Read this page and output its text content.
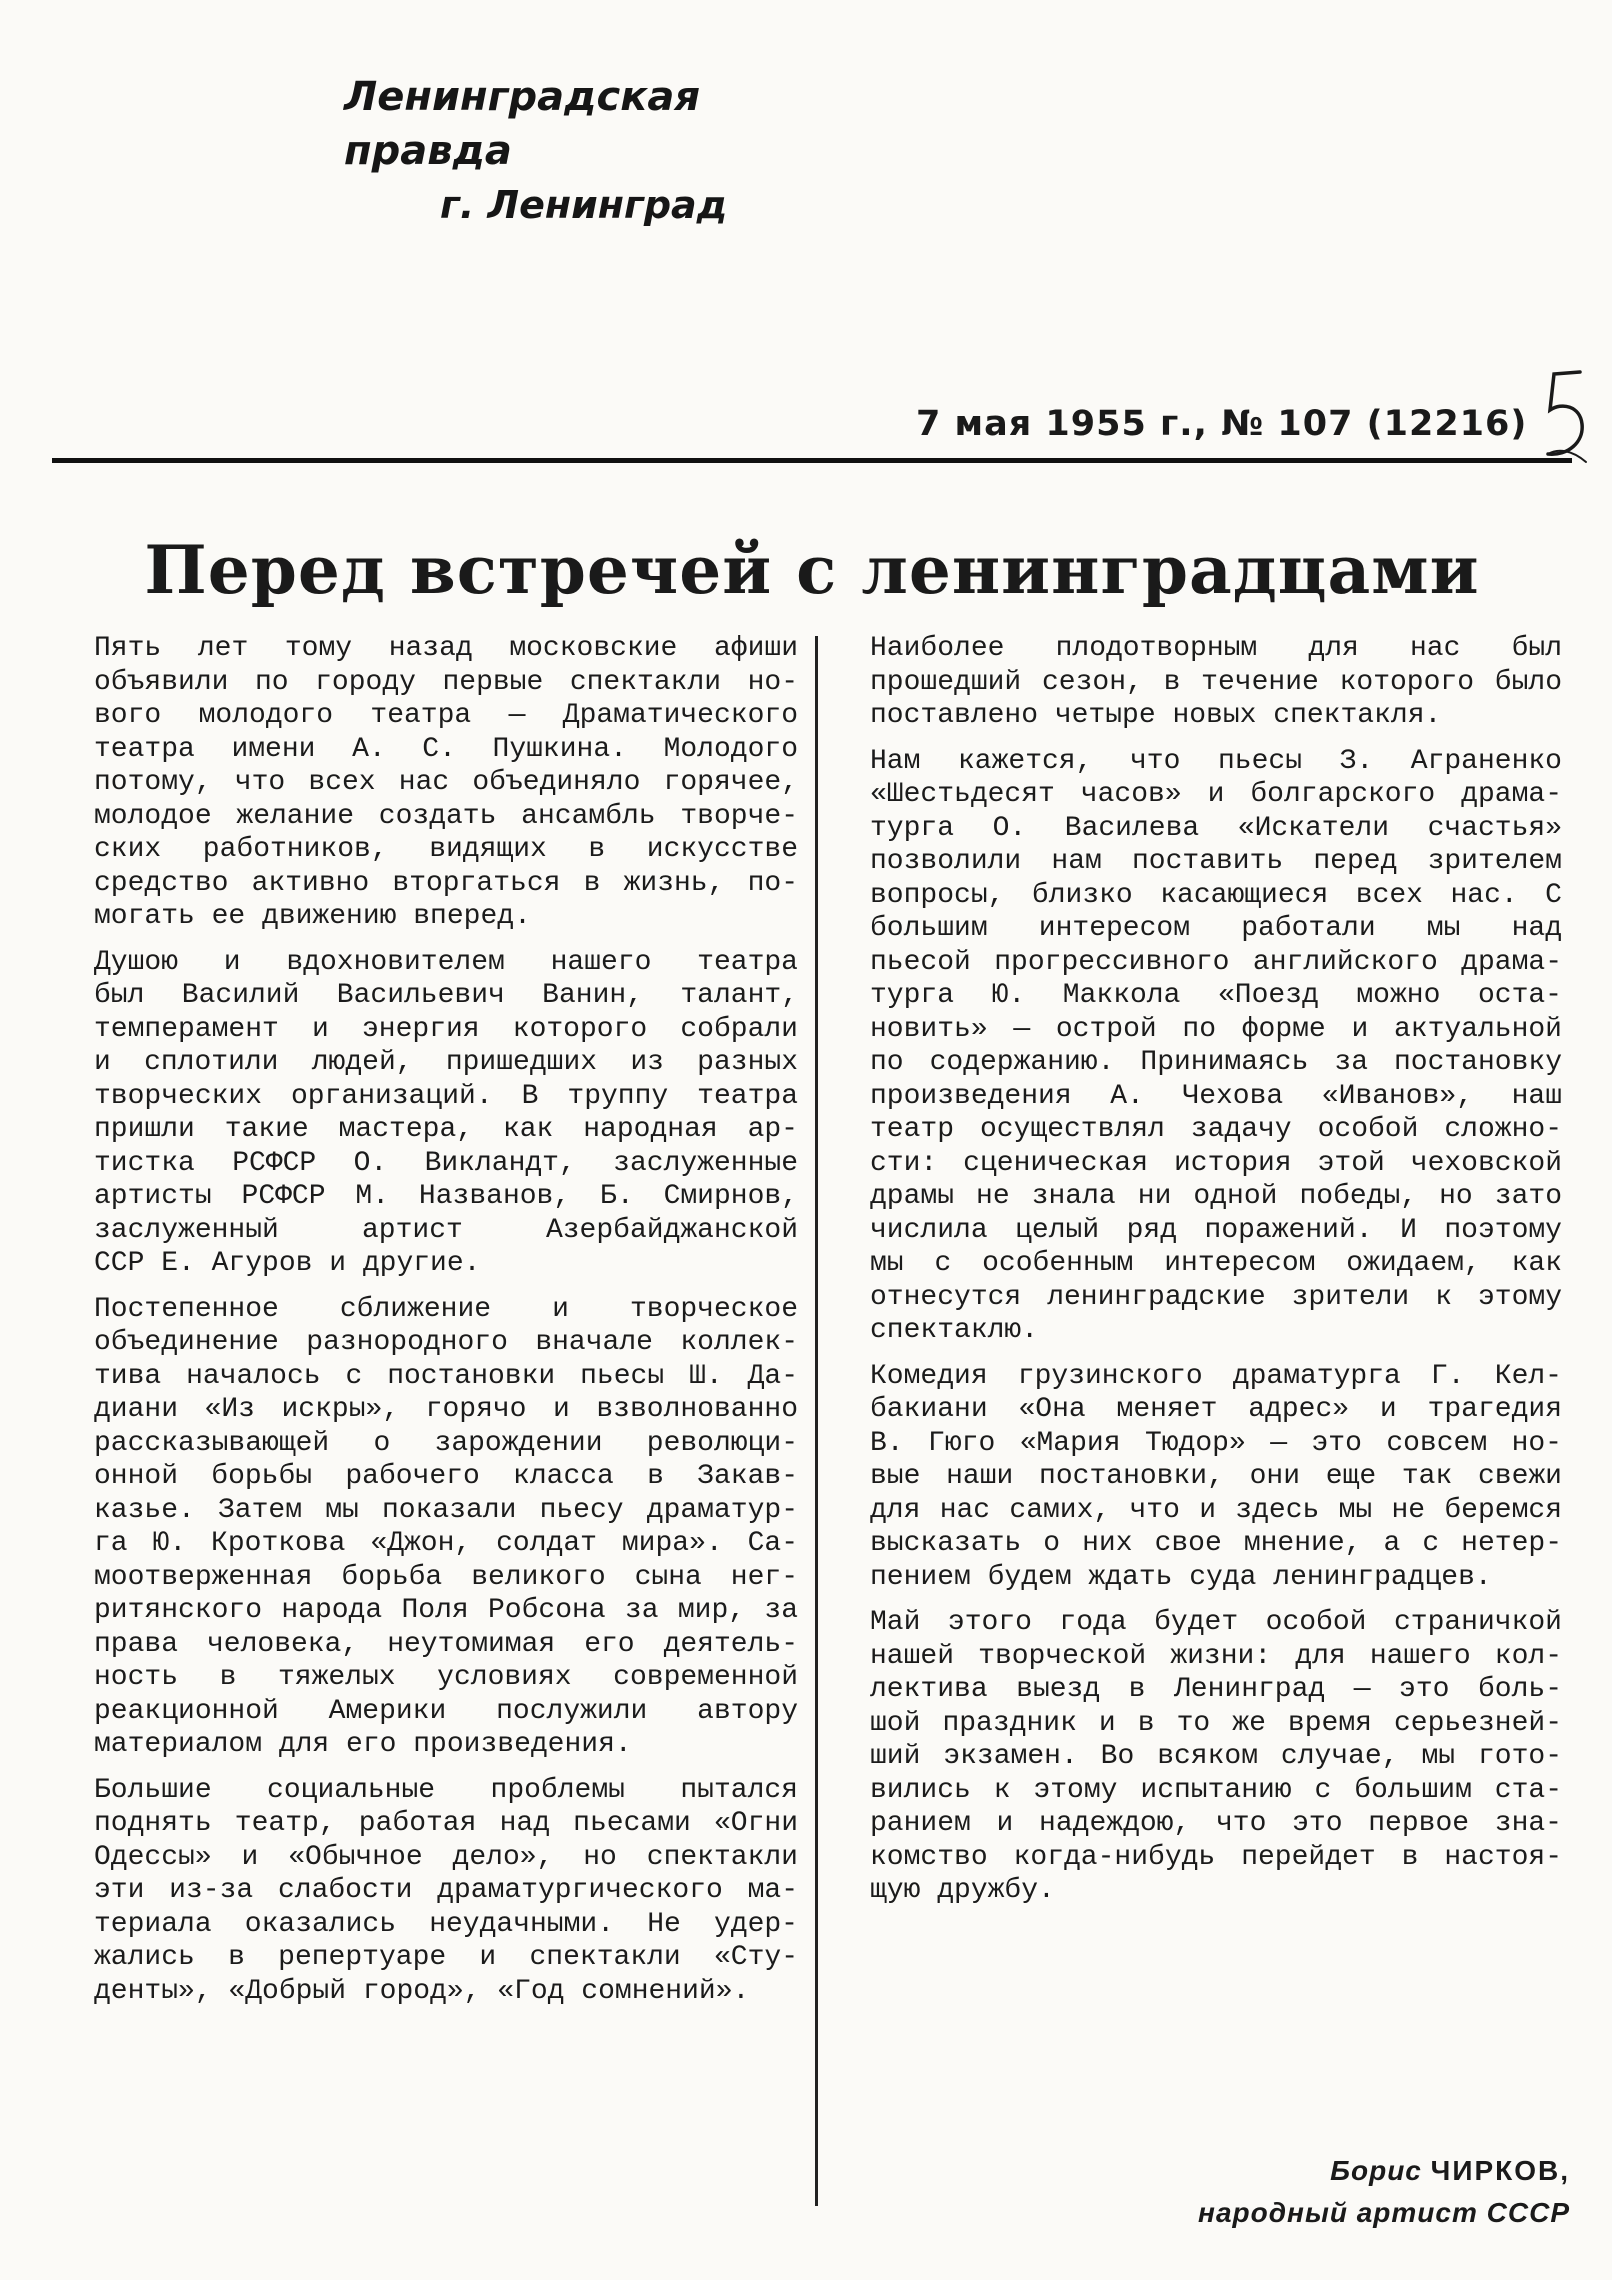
Ленинградская правда
г. Ленинград
7 мая 1955 г., № 107 (12216)
Перед встречей с ленинградцами

Пять лет тому назад московские афиши
объявили по городу первые спектакли но-
вого молодого театра — Драматического
театра имени А. С. Пушкина. Молодого
потому, что всех нас объединяло горячее,
молодое желание создать ансамбль творче-
ских работников, видящих в искусстве
средство активно вторгаться в жизнь, по-
могать ее движению вперед.

Душою и вдохновителем нашего театра
был Василий Васильевич Ванин, талант,
темперамент и энергия которого собрали
и сплотили людей, пришедших из разных
творческих организаций. В труппу театра
пришли такие мастера, как народная ар-
тистка РСФСР О. Викландт, заслуженные
артисты РСФСР М. Названов, Б. Смирнов,
заслуженный артист Азербайджанской
ССР Е. Агуров и другие.

Постепенное сближение и творческое
объединение разнородного вначале коллек-
тива началось с постановки пьесы Ш. Да-
диани «Из искры», горячо и взволнованно
рассказывающей о зарождении революци-
онной борьбы рабочего класса в Закав-
казье. Затем мы показали пьесу драматур-
га Ю. Кроткова «Джон, солдат мира». Са-
моотверженная борьба великого сына нег-
ритянского народа Поля Робсона за мир, за
права человека, неутомимая его деятель-
ность в тяжелых условиях современной
реакционной Америки послужили автору
материалом для его произведения.

Большие социальные проблемы пытался
поднять театр, работая над пьесами «Огни
Одессы» и «Обычное дело», но спектакли
эти из-за слабости драматургического ма-
териала оказались неудачными. Не удер-
жались в репертуаре и спектакли «Сту-
денты», «Добрый город», «Год сомнений».

Наиболее плодотворным для нас был
прошедший сезон, в течение которого было
поставлено четыре новых спектакля.

Нам кажется, что пьесы З. Аграненко
«Шестьдесят часов» и болгарского драма-
турга О. Василева «Искатели счастья»
позволили нам поставить перед зрителем
вопросы, близко касающиеся всех нас. С
большим интересом работали мы над
пьесой прогрессивного английского драма-
турга Ю. Маккола «Поезд можно оста-
новить» — острой по форме и актуальной
по содержанию. Принимаясь за постановку
произведения А. Чехова «Иванов», наш
театр осуществлял задачу особой сложно-
сти: сценическая история этой чеховской
драмы не знала ни одной победы, но зато
числила целый ряд поражений. И поэтому
мы с особенным интересом ожидаем, как
отнесутся ленинградские зрители к этому
спектаклю.

Комедия грузинского драматурга Г. Кел-
бакиани «Она меняет адрес» и трагедия
В. Гюго «Мария Тюдор» — это совсем но-
вые наши постановки, они еще так свежи
для нас самих, что и здесь мы не беремся
высказать о них свое мнение, а с нетер-
пением будем ждать суда ленинградцев.

Май этого года будет особой страничкой
нашей творческой жизни: для нашего кол-
лектива выезд в Ленинград — это боль-
шой праздник и в то же время серьезней-
ший экзамен. Во всяком случае, мы гото-
вились к этому испытанию с большим ста-
ранием и надеждою, что это первое зна-
комство когда-нибудь перейдет в настоя-
щую дружбу.

Борис ЧИРКОВ,
народный артист СССР
